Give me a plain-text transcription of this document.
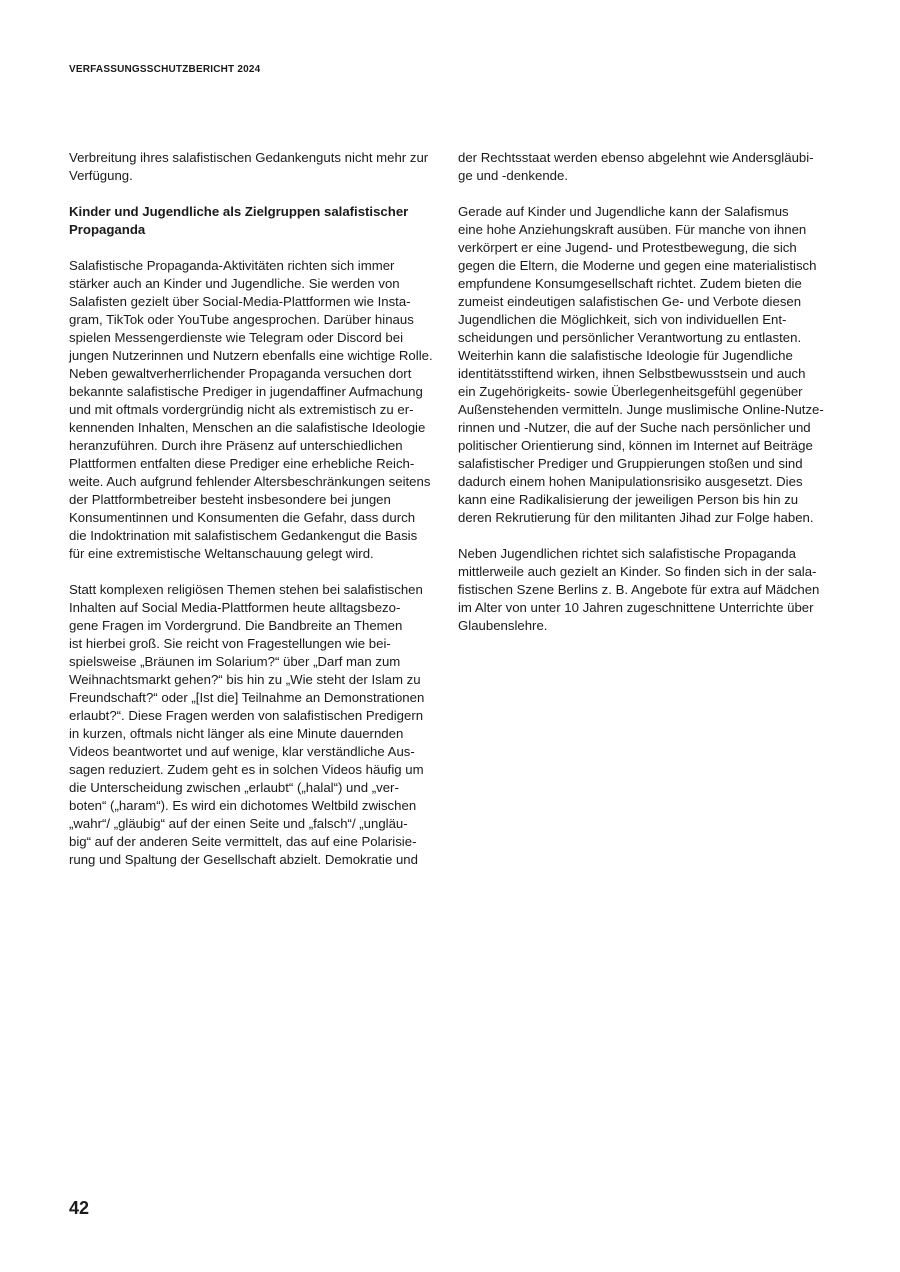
VERFASSUNGSSCHUTZBERICHT 2024
Verbreitung ihres salafistischen Gedankenguts nicht mehr zur
Verfügung.
Kinder und Jugendliche als Zielgruppen salafistischer
Propaganda
Salafistische Propaganda-Aktivitäten richten sich immer
stärker auch an Kinder und Jugendliche. Sie werden von
Salafisten gezielt über Social-Media-Plattformen wie Insta-
gram, TikTok oder YouTube angesprochen. Darüber hinaus
spielen Messengerdienste wie Telegram oder Discord bei
jungen Nutzerinnen und Nutzern ebenfalls eine wichtige Rolle.
Neben gewaltverherrlichender Propaganda versuchen dort
bekannte salafistische Prediger in jugendaffiner Aufmachung
und mit oftmals vordergründig nicht als extremistisch zu er-
kennenden Inhalten, Menschen an die salafistische Ideologie
heranzuführen. Durch ihre Präsenz auf unterschiedlichen
Plattformen entfalten diese Prediger eine erhebliche Reich-
weite. Auch aufgrund fehlender Altersbeschränkungen seitens
der Plattformbetreiber besteht insbesondere bei jungen
Konsumentinnen und Konsumenten die Gefahr, dass durch
die Indoktrination mit salafistischem Gedankengut die Basis
für eine extremistische Weltanschauung gelegt wird.
Statt komplexen religiösen Themen stehen bei salafistischen
Inhalten auf Social Media-Plattformen heute alltagsbezo-
gene Fragen im Vordergrund. Die Bandbreite an Themen
ist hierbei groß. Sie reicht von Fragestellungen wie bei-
spielsweise „Bräunen im Solarium?“ über „Darf man zum
Weihnachtsmarkt gehen?“ bis hin zu „Wie steht der Islam zu
Freundschaft?“ oder „[Ist die] Teilnahme an Demonstrationen
erlaubt?“. Diese Fragen werden von salafistischen Predigern
in kurzen, oftmals nicht länger als eine Minute dauernden
Videos beantwortet und auf wenige, klar verständliche Aus-
sagen reduziert. Zudem geht es in solchen Videos häufig um
die Unterscheidung zwischen „erlaubt“ („halal“) und „ver-
boten“ („haram“). Es wird ein dichotomes Weltbild zwischen
„wahr“/ „gläubig“ auf der einen Seite und „falsch“/ „ungläu-
big“ auf der anderen Seite vermittelt, das auf eine Polarisie-
rung und Spaltung der Gesellschaft abzielt. Demokratie und
der Rechtsstaat werden ebenso abgelehnt wie Andersgläubi-
ge und -denkende.
Gerade auf Kinder und Jugendliche kann der Salafismus
eine hohe Anziehungskraft ausüben. Für manche von ihnen
verkörpert er eine Jugend- und Protestbewegung, die sich
gegen die Eltern, die Moderne und gegen eine materialistisch
empfundene Konsumgesellschaft richtet. Zudem bieten die
zumeist eindeutigen salafistischen Ge- und Verbote diesen
Jugendlichen die Möglichkeit, sich von individuellen Ent-
scheidungen und persönlicher Verantwortung zu entlasten.
Weiterhin kann die salafistische Ideologie für Jugendliche
identitätsstiftend wirken, ihnen Selbstbewusstsein und auch
ein Zugehörigkeits- sowie Überlegenheitsgefühl gegenüber
Außenstehenden vermitteln. Junge muslimische Online-Nutze-
rinnen und -Nutzer, die auf der Suche nach persönlicher und
politischer Orientierung sind, können im Internet auf Beiträge
salafistischer Prediger und Gruppierungen stoßen und sind
dadurch einem hohen Manipulationsrisiko ausgesetzt. Dies
kann eine Radikalisierung der jeweiligen Person bis hin zu
deren Rekrutierung für den militanten Jihad zur Folge haben.
Neben Jugendlichen richtet sich salafistische Propaganda
mittlerweile auch gezielt an Kinder. So finden sich in der sala-
fistischen Szene Berlins z. B. Angebote für extra auf Mädchen
im Alter von unter 10 Jahren zugeschnittene Unterrichte über
Glaubenslehre.
42
